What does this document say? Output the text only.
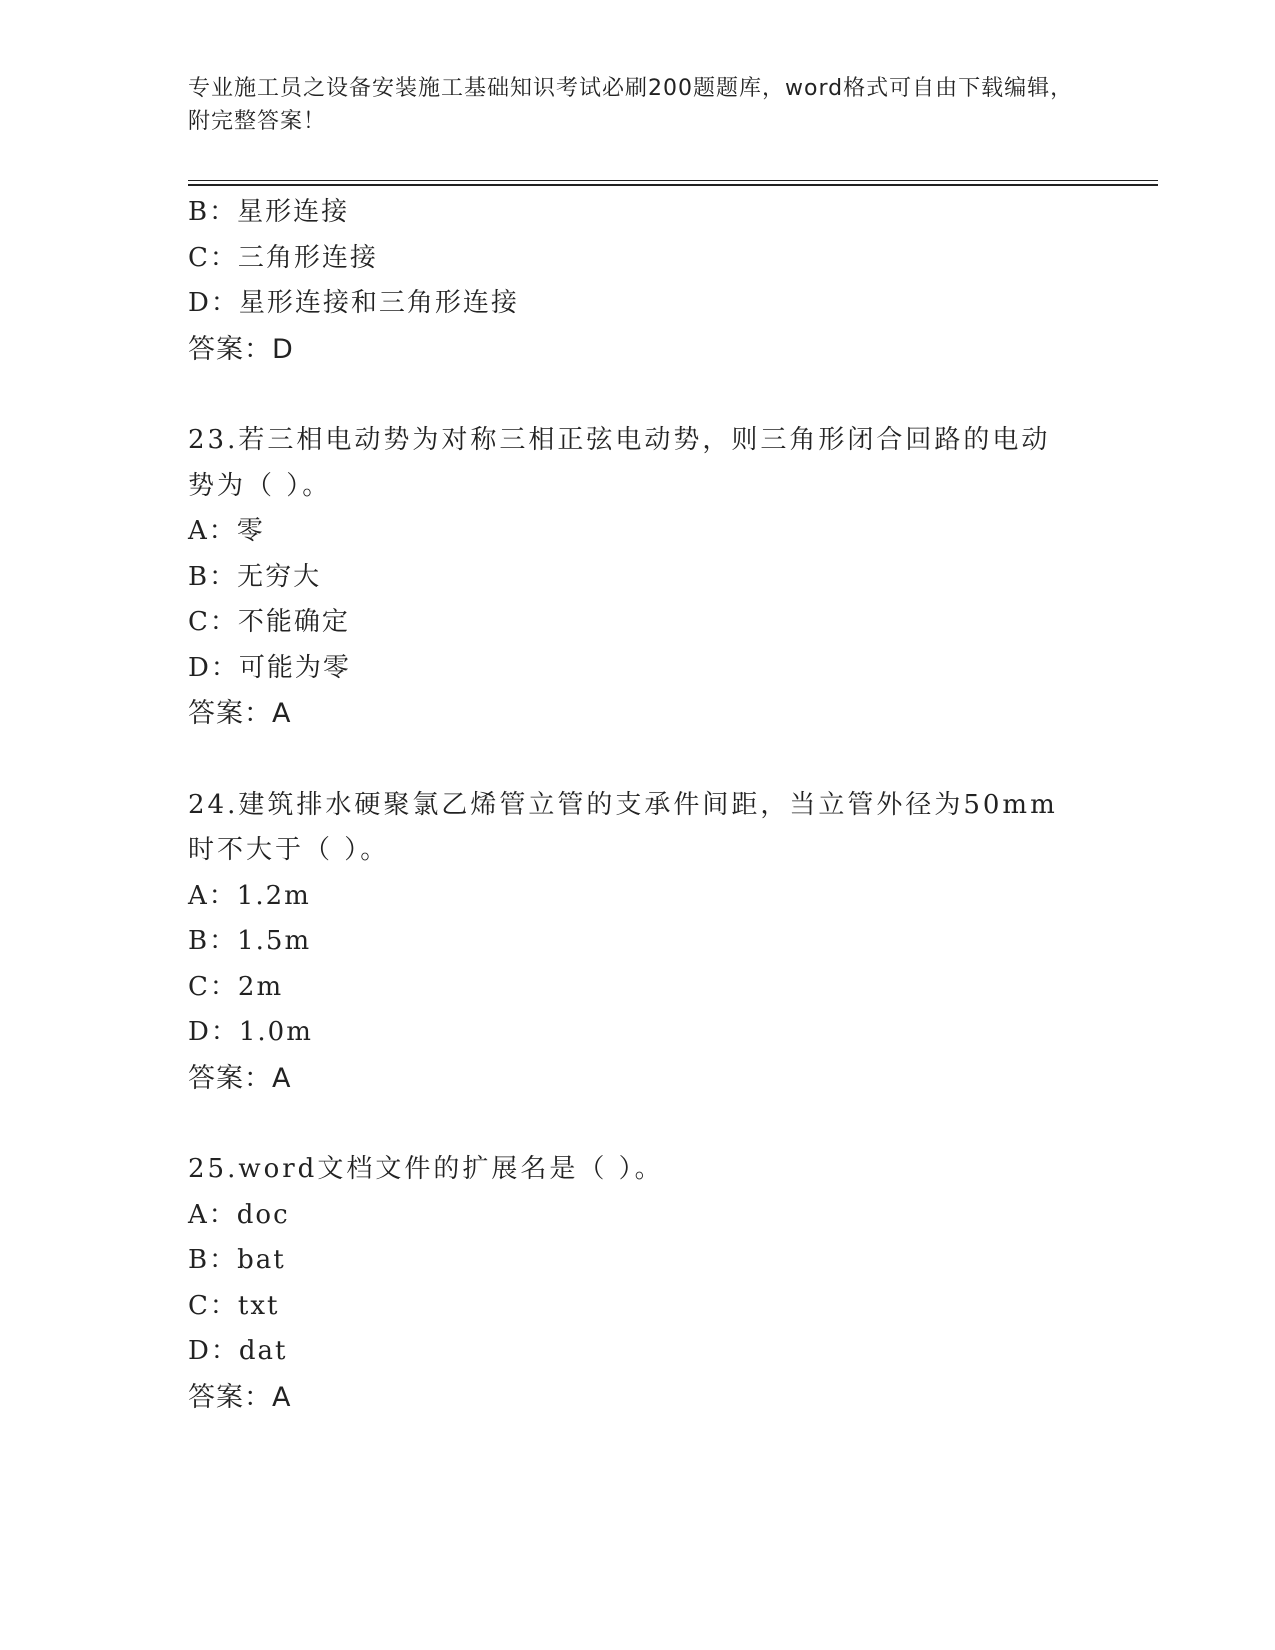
专业施工员之设备安装施工基础知识考试必刷200题题库，word格式可自由下载编辑，附完整答案！
B：星形连接
C：三角形连接
D：星形连接和三角形连接
答案：D
23.若三相电动势为对称三相正弦电动势，则三角形闭合回路的电动势为（ ）。
A：零
B：无穷大
C：不能确定
D：可能为零
答案：A
24.建筑排水硬聚氯乙烯管立管的支承件间距，当立管外径为50mm时不大于（ ）。
A：1.2m
B：1.5m
C：2m
D：1.0m
答案：A
25.word文档文件的扩展名是（ ）。
A：doc
B：bat
C：txt
D：dat
答案：A
